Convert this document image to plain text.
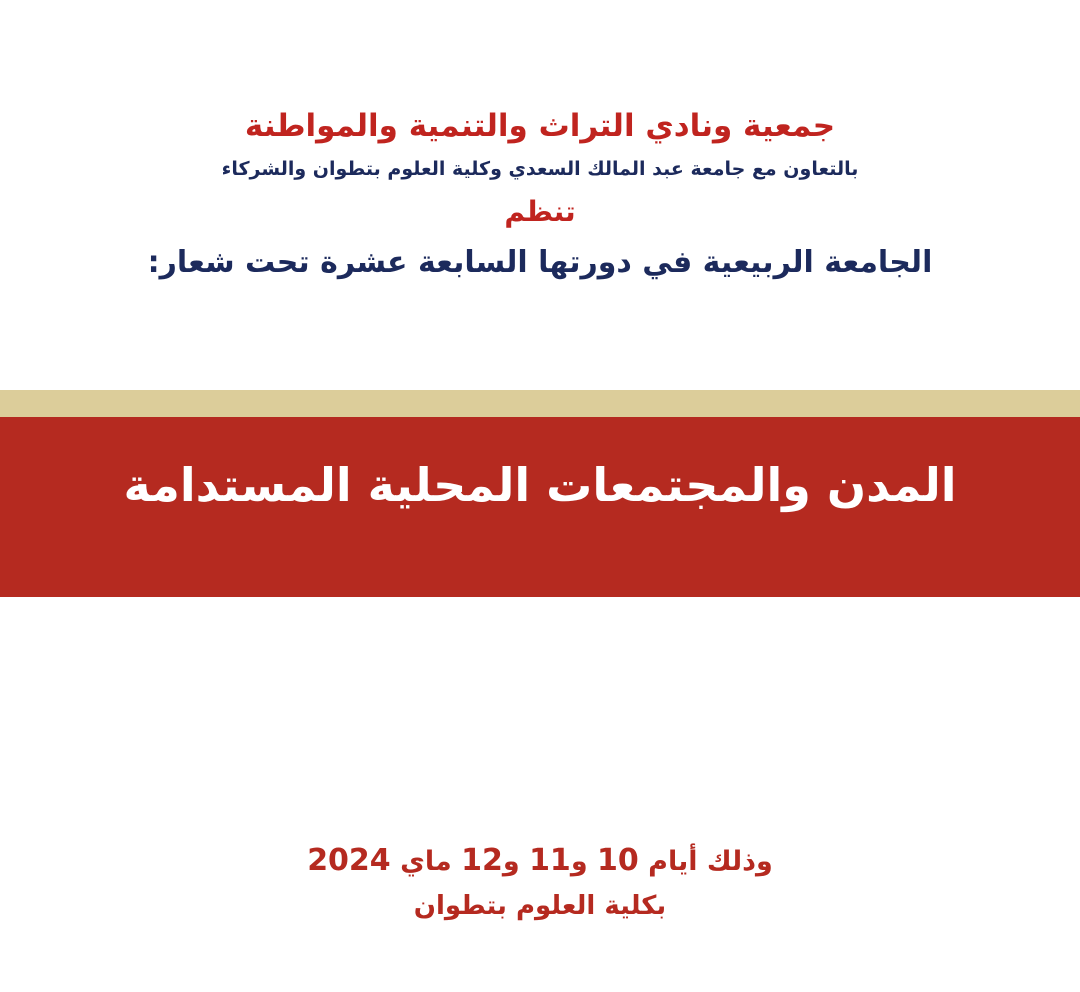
جمعية ونادي التراث والتنمية والمواطنة
بالتعاون مع جامعة عبد المالك السعدي وكلية العلوم بتطوان والشركاء
تنظم
الجامعة الربيعية في دورتها السابعة عشرة تحت شعار:
المدن والمجتمعات المحلية المستدامة
وذلك أيام 10 و11 و12 ماي 2024
بكلية العلوم بتطوان
